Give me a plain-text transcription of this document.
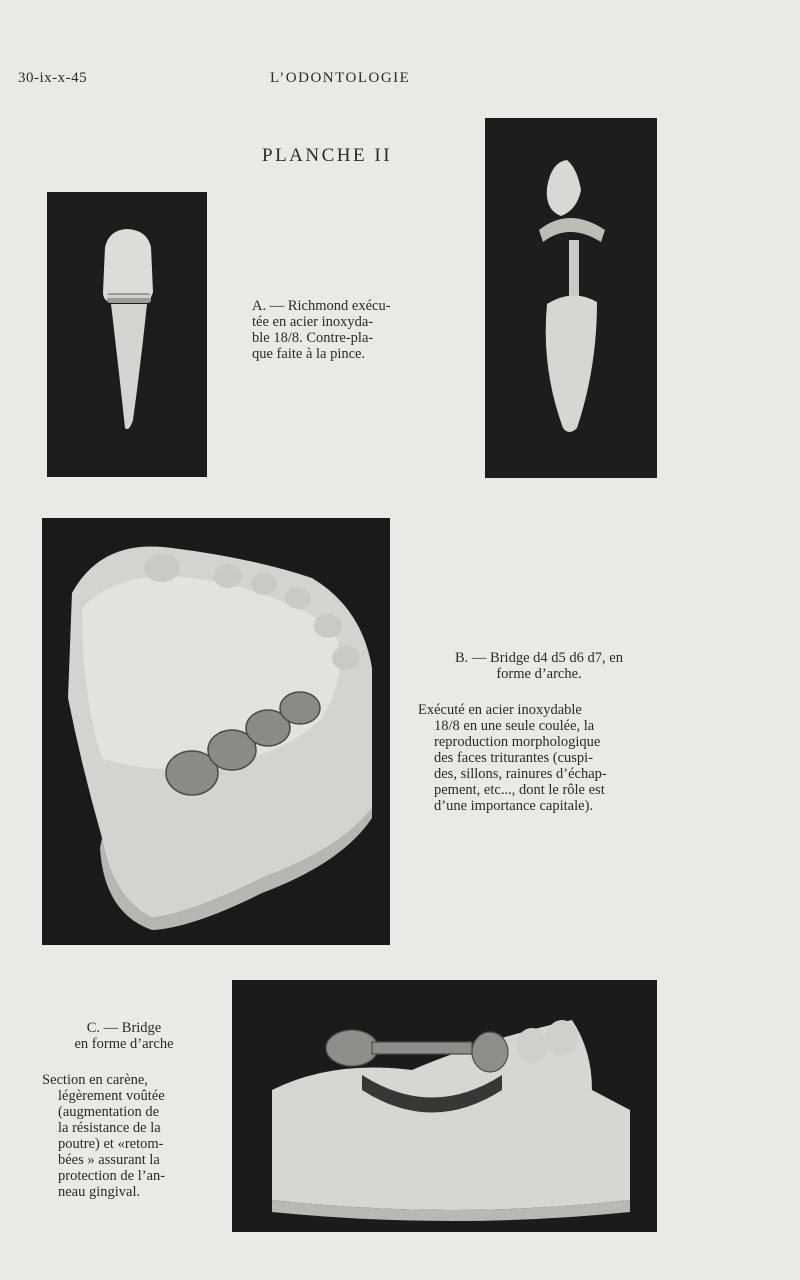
30-ix-x-45	L’ODONTOLOGIE
PLANCHE II

A. — Richmond exécu-

tée en acier inoxyda-

ble 18/8. Contre-pla-

que faite à la pince.

B. — Bridge d4 d5 d6 d7, en

forme d’arche.

Exécuté en acier inoxydable

18/8 en une seule coulée, la

reproduction morphologique

des faces triturantes (cuspi-

des, sillons, rainures d’échap-

pement, etc..., dont le rôle est

d’une importance capitale).

C. — Bridge

en forme d’arche

Section en carène,

légèrement voûtée

(augmentation de

la résistance de la

poutre) et «retom-

bées » assurant la

protection de l’an-

neau gingival.
